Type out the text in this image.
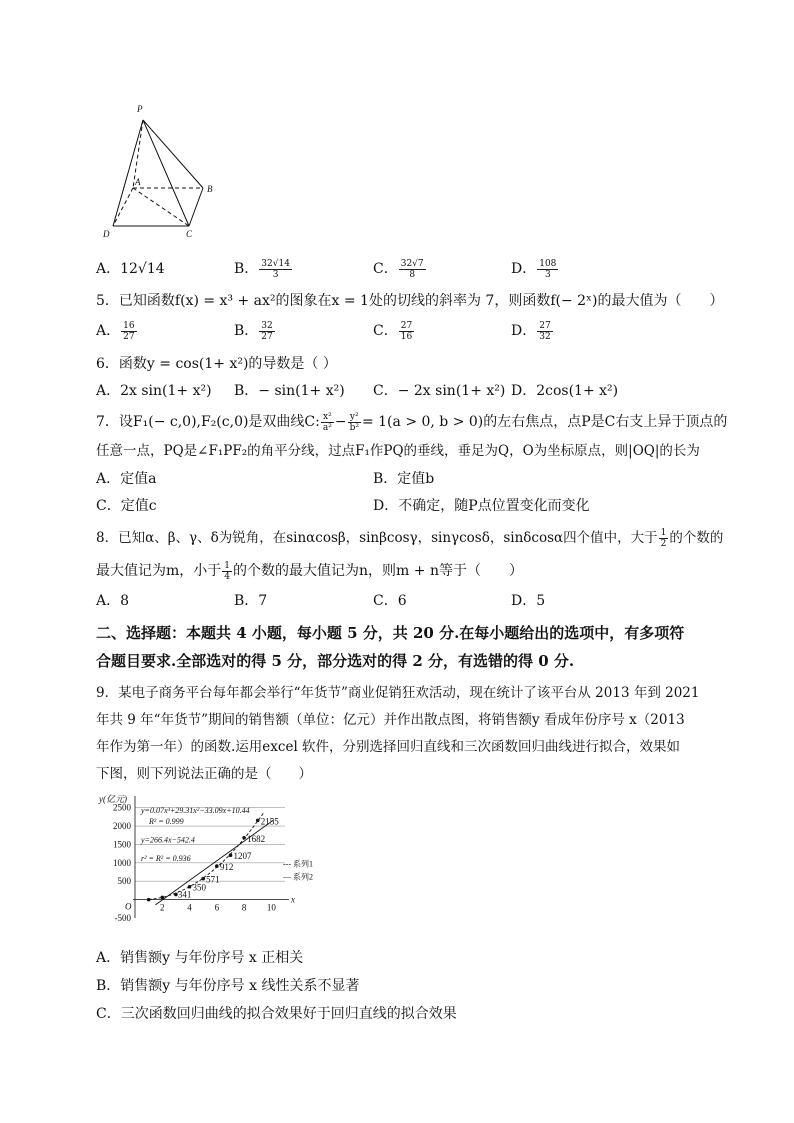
P
A
B
C
D
A．12√14	B． $\frac{32√14}{3}$	C． $\frac{32√7}{8}$	D． $\frac{108}{3}$
5．已知函数f(x) = x³ + ax²的图象在x = 1处的切线的斜率为 7，则函数f(− 2ˣ)的最大值为（　　）
A． $\frac{16}{27}$	B． $\frac{32}{27}$	C． $\frac{27}{16}$	D． $\frac{27}{32}$
6．函数y = cos(1+ x²)的导数是（ ）
A．2x sin(1+ x²) B．− sin(1+ x²) C．− 2x sin(1+ x²) D．2cos(1+ x²)
7．设F₁(− c,0),F₂(c,0)是双曲线C: $\frac{\text{x²}}{\text{a²}} - \frac{\text{y²}}{\text{b²}} = 1(a > 0$, b > 0)的左右焦点，点P是C右支上异于顶点的
任意一点，PQ是∠F₁PF₂的角平分线，过点F₁作PQ的垂线，垂足为Q，O为坐标原点，则|OQ|的长为
A．定值a	B．定值b
C．定值c	D．不确定，随P点位置变化而变化
8．已知α、β、γ、δ为锐角，在sinαcosβ，sinβcosγ，sinγcosδ，sinδcosα四个值中，大于 $\frac{1}{2}$ 的个数的
最大值记为m，小于 $\frac{1}{4}$ 的个数的最大值记为n，则m + n等于（　　）
A．8	B．7	C．6	D．5
二、选择题：本题共 4 小题，每小题 5 分，共 20 分.在每小题给出的选项中，有多项符
合题目要求.全部选对的得 5 分，部分选对的得 2 分，有选错的得 0 分.
9．某电子商务平台每年都会举行“年货节”商业促销狂欢活动，现在统计了该平台从 2013 年到 2021
年共 9 年“年货节”期间的销售额（单位：亿元）并作出散点图，将销售额y 看成年份序号 x（2013
年作为第一年）的函数.运用excel 软件，分别选择回归直线和三次函数回归曲线进行拟合，效果如
下图，则下列说法正确的是（　　）
-500
500
1000
1500
2000
2500
y(亿元)
x
O	2	4	6	8 10
350
571
912
1207
1682
2155
341
y=0.07x³+29.31x²−33.09x+10.44
R² = 0.999
y=266.4x−542.4
r² = R² = 0.936
--- 系列1
— 系列2
A．销售额y 与年份序号 x 正相关
B．销售额y 与年份序号 x 线性关系不显著
C．三次函数回归曲线的拟合效果好于回归直线的拟合效果
